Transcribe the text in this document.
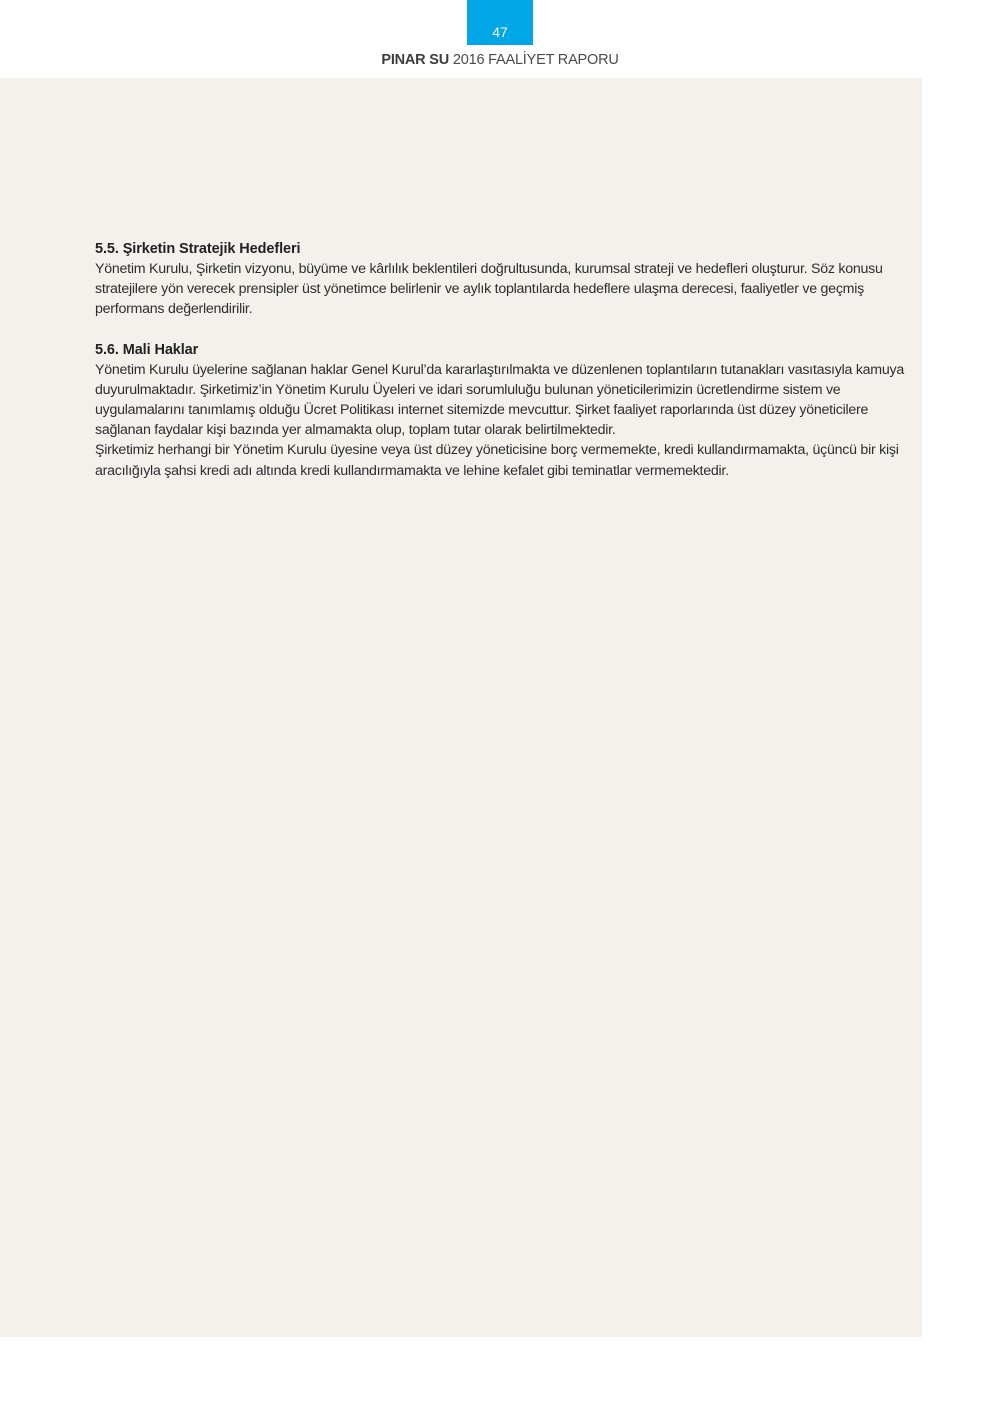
47
PINAR SU 2016 FAALİYET RAPORU
5.5. Şirketin Stratejik Hedefleri

Yönetim Kurulu, Şirketin vizyonu, büyüme ve kârlılık beklentileri doğrultusunda, kurumsal strateji ve hedefleri oluşturur. Söz konusu stratejilere yön verecek prensipler üst yönetimce belirlenir ve aylık toplantılarda hedeflere ulaşma derecesi, faaliyetler ve geçmiş performans değerlendirilir.

5.6. Mali Haklar

Yönetim Kurulu üyelerine sağlanan haklar Genel Kurul’da kararlaştırılmakta ve düzenlenen toplantıların tutanakları vasıtasıyla kamuya duyurulmaktadır. Şirketimiz’in Yönetim Kurulu Üyeleri ve idari sorumluluğu bulunan yöneticilerimizin ücretlendirme sistem ve uygulamalarını tanımlamış olduğu Ücret Politikası internet sitemizde mevcuttur. Şirket faaliyet raporlarında üst düzey yöneticilere sağlanan faydalar kişi bazında yer almamakta olup, toplam tutar olarak belirtilmektedir.

Şirketimiz herhangi bir Yönetim Kurulu üyesine veya üst düzey yöneticisine borç vermemekte, kredi kullandırmamakta, üçüncü bir kişi aracılığıyla şahsi kredi adı altında kredi kullandırmamakta ve lehine kefalet gibi teminatlar vermemektedir.
